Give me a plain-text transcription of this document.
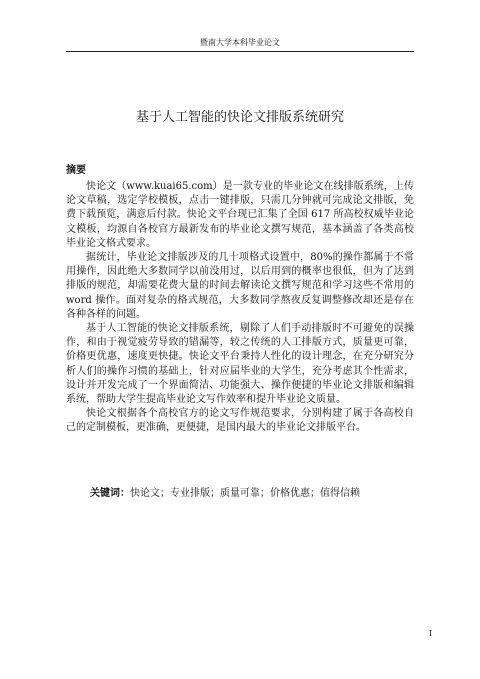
暨南大学本科毕业论文
基于人工智能的快论文排版系统研究
摘要

快论文（www.kuai65.com）是一款专业的毕业论文在线排版系统，上传论文草稿，选定学校模板，点击一键排版，只需几分钟就可完成论文排版，免费下载预览，满意后付款。快论文平台现已汇集了全国 617 所高校权威毕业论文模板，均源自各校官方最新发布的毕业论文撰写规范，基本涵盖了各类高校毕业论文格式要求。

据统计，毕业论文排版涉及的几十项格式设置中，80%的操作都属于不常用操作，因此绝大多数同学以前没用过，以后用到的概率也很低，但为了达到排版的规范，却需要花费大量的时间去解读论文撰写规范和学习这些不常用的 word 操作。面对复杂的格式规范，大多数同学熬夜反复调整修改却还是存在各种各样的问题。

基于人工智能的快论文排版系统，剔除了人们手动排版时不可避免的误操作，和由于视觉疲劳导致的错漏等，较之传统的人工排版方式，质量更可靠，价格更优惠，速度更快捷。快论文平台秉持人性化的设计理念，在充分研究分析人们的操作习惯的基础上，针对应届毕业的大学生，充分考虑其个性需求，设计并开发完成了一个界面简洁、功能强大、操作便捷的毕业论文排版和编辑系统，帮助大学生提高毕业论文写作效率和提升毕业论文质量。

快论文根据各个高校官方的论文写作规范要求，分别构建了属于各高校自己的定制模板，更准确，更便捷，是国内最大的毕业论文排版平台。

关键词：快论文；专业排版；质量可靠；价格优惠；值得信赖
I
